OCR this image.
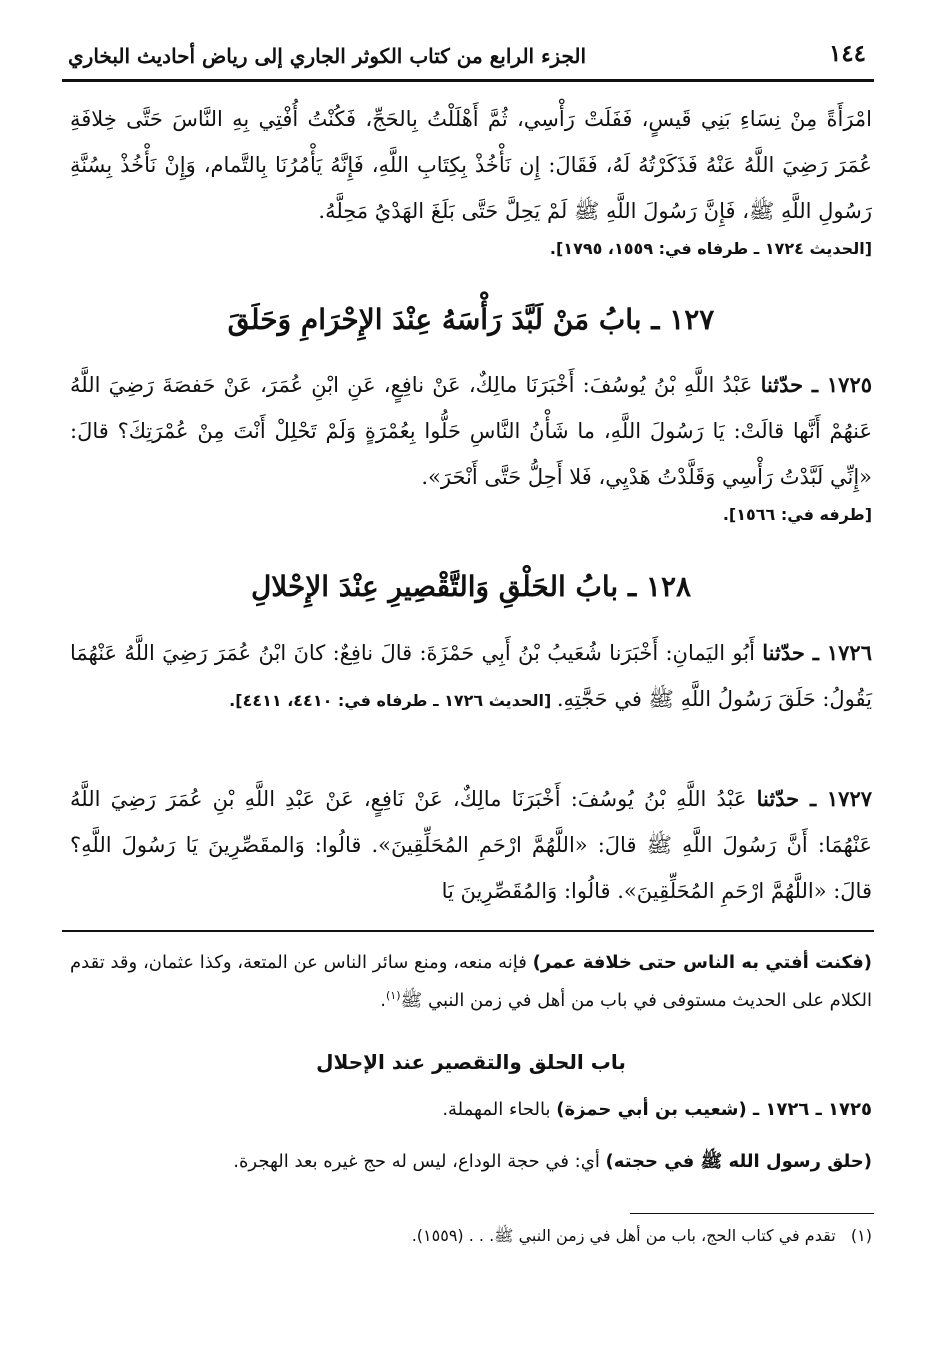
١٤٤
الجزء الرابع من كتاب الكوثر الجاري إلى رياض أحاديث البخاري
امْرَأَةً مِنْ نِسَاءِ بَنِي قَيسٍ، فَفَلَتْ رَأْسِي، ثُمَّ أَهْلَلْتُ بِالحَجِّ، فَكُنْتُ أُفْتِي بِهِ النَّاسَ حَتَّى خِلافَةِ عُمَرَ رَضِيَ اللَّهُ عَنْهُ فَذَكَرْتُهُ لَهُ، فَقَالَ: إِن نَأْخُذْ بِكِتَابِ اللَّهِ، فَإِنَّهُ يَأْمُرُنَا بِالتَّمام، وَإِنْ نَأْخُذْ بِسُنَّةِ رَسُولِ اللَّهِ ﷺ، فَإِنَّ رَسُولَ اللَّهِ ﷺ لَمْ يَحِلَّ حَتَّى بَلَغَ الهَدْيُ مَحِلَّهُ.
[الحديث ١٧٢٤ ـ طرفاه في: ١٥٥٩، ١٧٩٥].
١٢٧ ـ بابُ مَنْ لَبَّدَ رَأْسَهُ عِنْدَ الإِحْرَامِ وَحَلَقَ
١٧٢٥ ـ حدّثنا عَبْدُ اللَّهِ بْنُ يُوسُفَ: أَخْبَرَنَا مالِكٌ، عَنْ نافِعٍ، عَنِ ابْنِ عُمَرَ، عَنْ حَفصَةَ رَضِيَ اللَّهُ عَنهُمْ أَنَّها قالَتْ: يَا رَسُولَ اللَّهِ، ما شَأْنُ النَّاسِ حَلُّوا بِعُمْرَةٍ وَلَمْ تَحْلِلْ أَنْتَ مِنْ عُمْرَتِكَ؟ قالَ: «إِنِّي لَبَّدْتُ رَأْسِي وَقَلَّدْتُ هَدْيِي، فَلا أَحِلُّ حَتَّى أَنْحَرَ».
[طرفه في: ١٥٦٦].
١٢٨ ـ بابُ الحَلْقِ وَالتَّقْصِيرِ عِنْدَ الإِحْلالِ
١٧٢٦ ـ حدّثنا أَبُو اليَمانِ: أَخْبَرَنا شُعَيبُ بْنُ أَبِي حَمْزَةَ: قالَ نافِعٌ: كانَ ابْنُ عُمَرَ رَضِيَ اللَّهُ عَنْهُمَا يَقُولُ: حَلَقَ رَسُولُ اللَّهِ ﷺ في حَجَّتِهِ. [الحديث ١٧٢٦ ـ طرفاه في: ٤٤١٠، ٤٤١١].
١٧٢٧ ـ حدّثنا عَبْدُ اللَّهِ بْنُ يُوسُفَ: أَخْبَرَنَا مالِكٌ، عَنْ نَافِعٍ، عَنْ عَبْدِ اللَّهِ بْنِ عُمَرَ رَضِيَ اللَّهُ عَنْهُمَا: أَنَّ رَسُولَ اللَّهِ ﷺ قالَ: «اللَّهُمَّ ارْحَمِ المُحَلِّقِينَ». قالُوا: وَالمقَصِّرِينَ يَا رَسُولَ اللَّهِ؟ قالَ: «اللَّهُمَّ ارْحَمِ المُحَلِّقِينَ». قالُوا: وَالمُقَصِّرِينَ يَا
(فكنت أفتي به الناس حتى خلافة عمر) فإنه منعه، ومنع سائر الناس عن المتعة، وكذا عثمان، وقد تقدم الكلام على الحديث مستوفى في باب من أهل في زمن النبي ﷺ$^{(١)}$.
باب الحلق والتقصير عند الإحلال
١٧٢٥ ـ ١٧٢٦ ـ (شعيب بن أبي حمزة) بالحاء المهملة.
(حلق رسول الله ﷺ في حجته) أي: في حجة الوداع، ليس له حج غيره بعد الهجرة.
(١)   تقدم في كتاب الحج، باب من أهل في زمن النبي ﷺ. . . (١٥٥٩).
